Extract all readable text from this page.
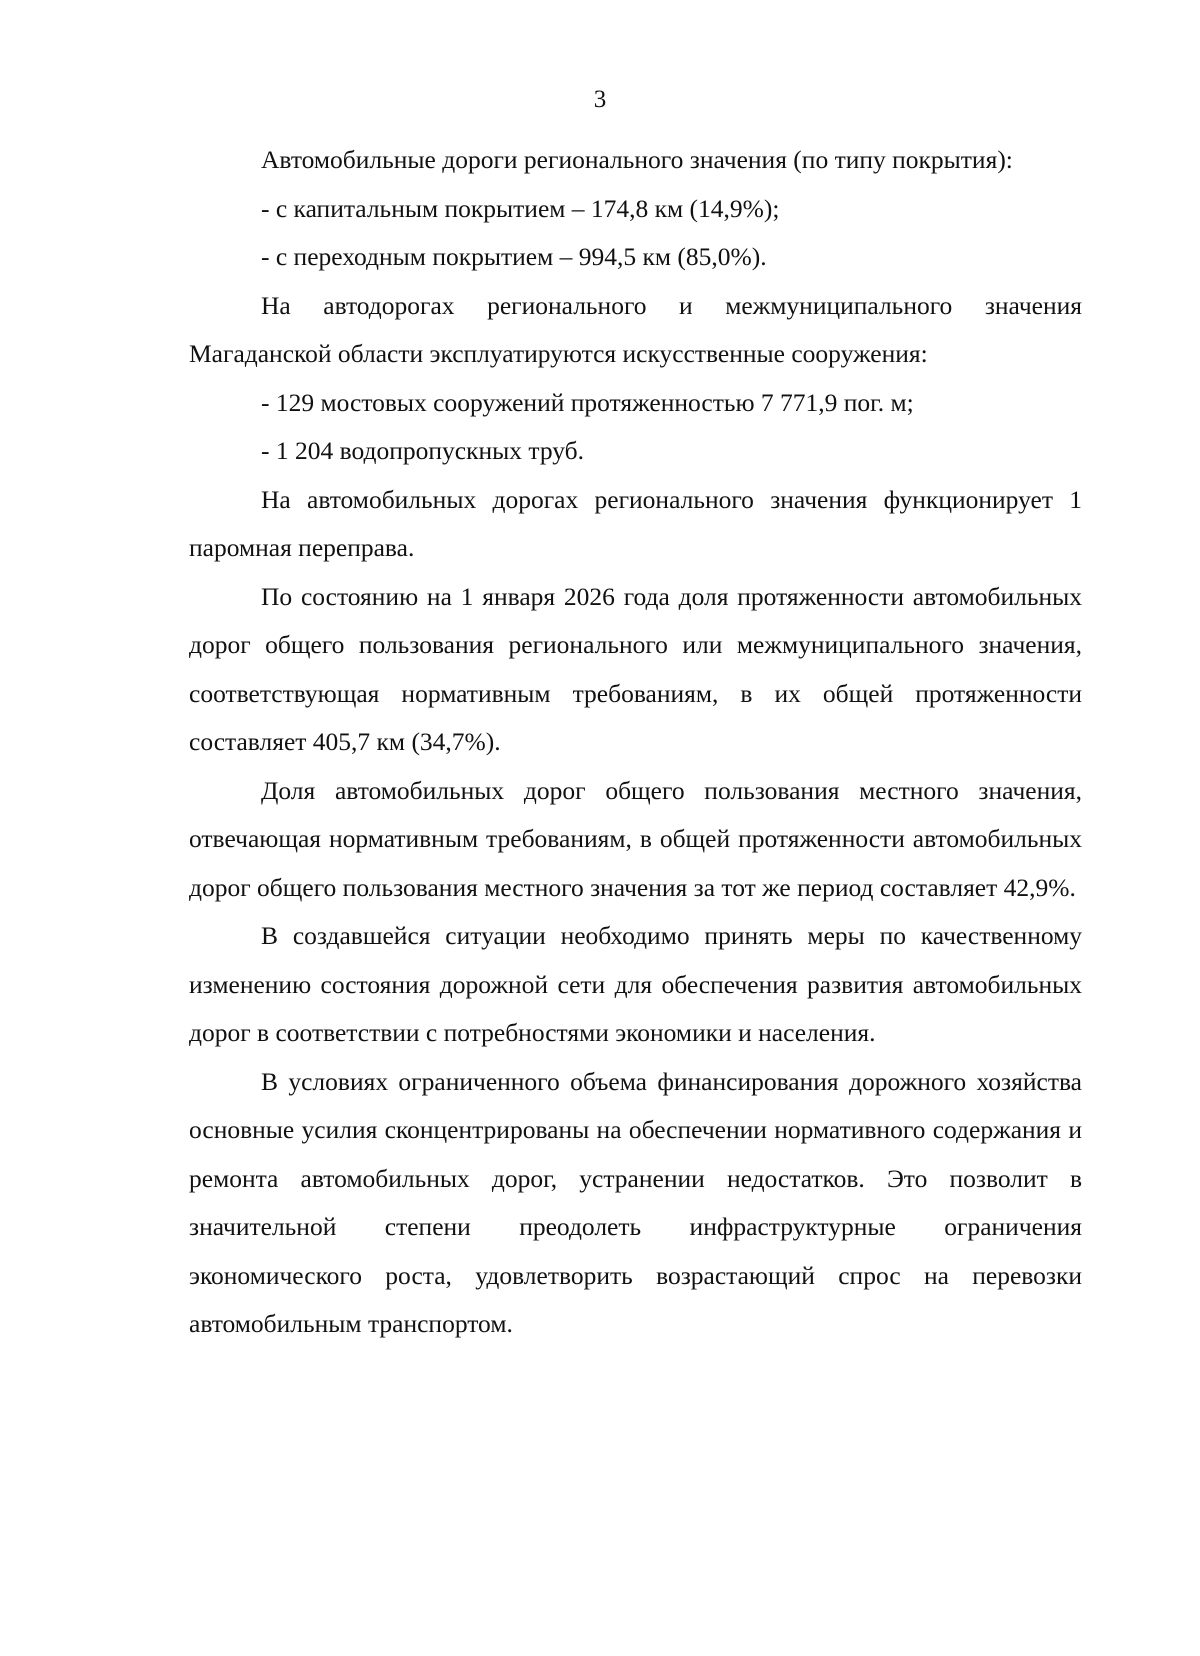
3

Автомобильные дороги регионального значения (по типу покрытия):

- с капитальным покрытием – 174,8 км (14,9%);

- с переходным покрытием – 994,5 км (85,0%).

На автодорогах регионального и межмуниципального значения Магаданской области эксплуатируются искусственные сооружения:

- 129 мостовых сооружений протяженностью 7 771,9 пог. м;

- 1 204 водопропускных труб.

На автомобильных дорогах регионального значения функционирует 1 паромная переправа.

По состоянию на 1 января 2026 года доля протяженности автомобильных дорог общего пользования регионального или межмуниципального значения, соответствующая нормативным требованиям, в их общей протяженности составляет 405,7 км (34,7%).

Доля автомобильных дорог общего пользования местного значения, отвечающая нормативным требованиям, в общей протяженности автомобильных дорог общего пользования местного значения за тот же период составляет 42,9%.

В создавшейся ситуации необходимо принять меры по качественному изменению состояния дорожной сети для обеспечения развития автомобильных дорог в соответствии с потребностями экономики и населения.

В условиях ограниченного объема финансирования дорожного хозяйства основные усилия сконцентрированы на обеспечении нормативного содержания и ремонта автомобильных дорог, устранении недостатков. Это позволит в значительной степени преодолеть инфраструктурные ограничения экономического роста, удовлетворить возрастающий спрос на перевозки автомобильным транспортом.
